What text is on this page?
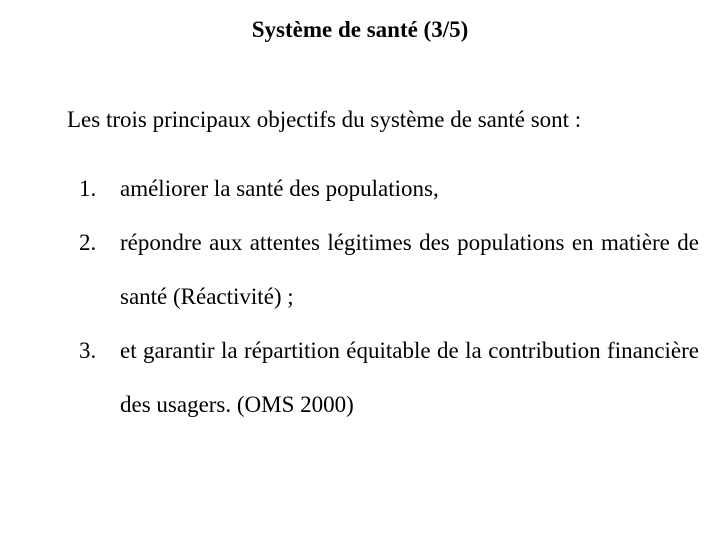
Système de santé (3/5)
Les trois principaux objectifs du système de santé sont :
1. améliorer la santé des populations,
2. répondre aux attentes légitimes des populations en matière de santé (Réactivité) ;
3. et garantir la répartition équitable de la contribution financière des usagers. (OMS 2000)
